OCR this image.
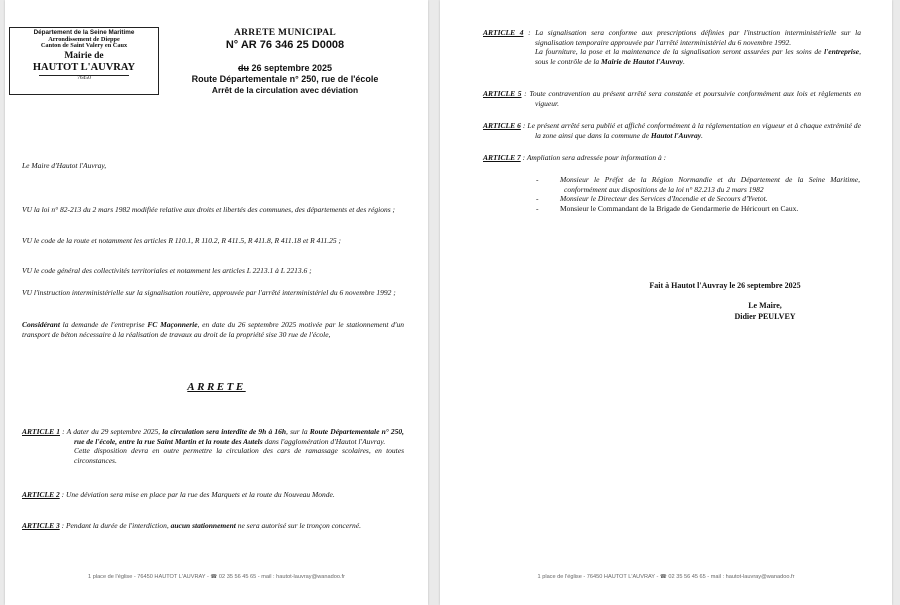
Département de la Seine Maritime
Arrondissement de Dieppe
Canton de Saint Valery en Caux
Mairie de
HAUTOT L'AUVRAY
76450
ARRETE MUNICIPAL
N° AR 76 346 25 D0008
du 26 septembre 2025
Route Départementale n° 250, rue de l'école
Arrêt de la circulation avec déviation
Le Maire d'Hautot l'Auvray,
VU la loi n° 82-213 du 2 mars 1982 modifiée relative aux droits et libertés des communes, des départements et des régions ;
VU le code de la route et notamment les articles R 110.1, R 110.2, R 411.5, R 411.8, R 411.18 et R 411.25 ;
VU le code général des collectivités territoriales et notamment les articles L 2213.1 à L 2213.6 ;
VU l'instruction interministérielle sur la signalisation routière, approuvée par l'arrêté interministériel du 6 novembre 1992 ;
Considérant la demande de l'entreprise FC Maçonnerie, en date du 26 septembre 2025 motivée par le stationnement d'un transport de béton nécessaire à la réalisation de travaux au droit de la propriété sise 30 rue de l'école,
ARRETE
ARTICLE 1 : A dater du 29 septembre 2025, la circulation sera interdite de 9h à 16h, sur la Route Départementale n° 250, rue de l'école, entre la rue Saint Martin et la route des Autels dans l'agglomération d'Hautot l'Auvray.
Cette disposition devra en outre permettre la circulation des cars de ramassage scolaires, en toutes circonstances.
ARTICLE 2 : Une déviation sera mise en place par la rue des Marquets et la route du Nouveau Monde.
ARTICLE 3 : Pendant la durée de l'interdiction, aucun stationnement ne sera autorisé sur le tronçon concerné.
1 place de l'église - 76450 HAUTOT L'AUVRAY - ☎ 02 35 56 45 65 - mail : hautot-lauvray@wanadoo.fr
ARTICLE 4 : La signalisation sera conforme aux prescriptions définies par l'instruction interministérielle sur la signalisation temporaire approuvée par l'arrêté interministériel du 6 novembre 1992.
La fourniture, la pose et la maintenance de la signalisation seront assurées par les soins de l'entreprise, sous le contrôle de la Mairie de Hautot l'Auvray.
ARTICLE 5 : Toute contravention au présent arrêté sera constatée et poursuivie conformément aux lois et règlements en vigueur.
ARTICLE 6 : Le présent arrêté sera publié et affiché conformément à la réglementation en vigueur et à chaque extrémité de la zone ainsi que dans la commune de Hautot l'Auvray.
ARTICLE 7 : Ampliation sera adressée pour information à :
-	Monsieur le Préfet de la Région Normandie et du Département de la Seine Maritime, conformément aux dispositions de la loi n° 82.213 du 2 mars 1982
-	Monsieur le Directeur des Services d'Incendie et de Secours d'Yvetot.
-	Monsieur le Commandant de la Brigade de Gendarmerie de Héricourt en Caux.
Fait à Hautot l'Auvray le 26 septembre 2025
Le Maire,
Didier PEULVEY
1 place de l'église - 76450 HAUTOT L'AUVRAY - ☎ 02 35 56 45 65 - mail : hautot-lauvray@wanadoo.fr
